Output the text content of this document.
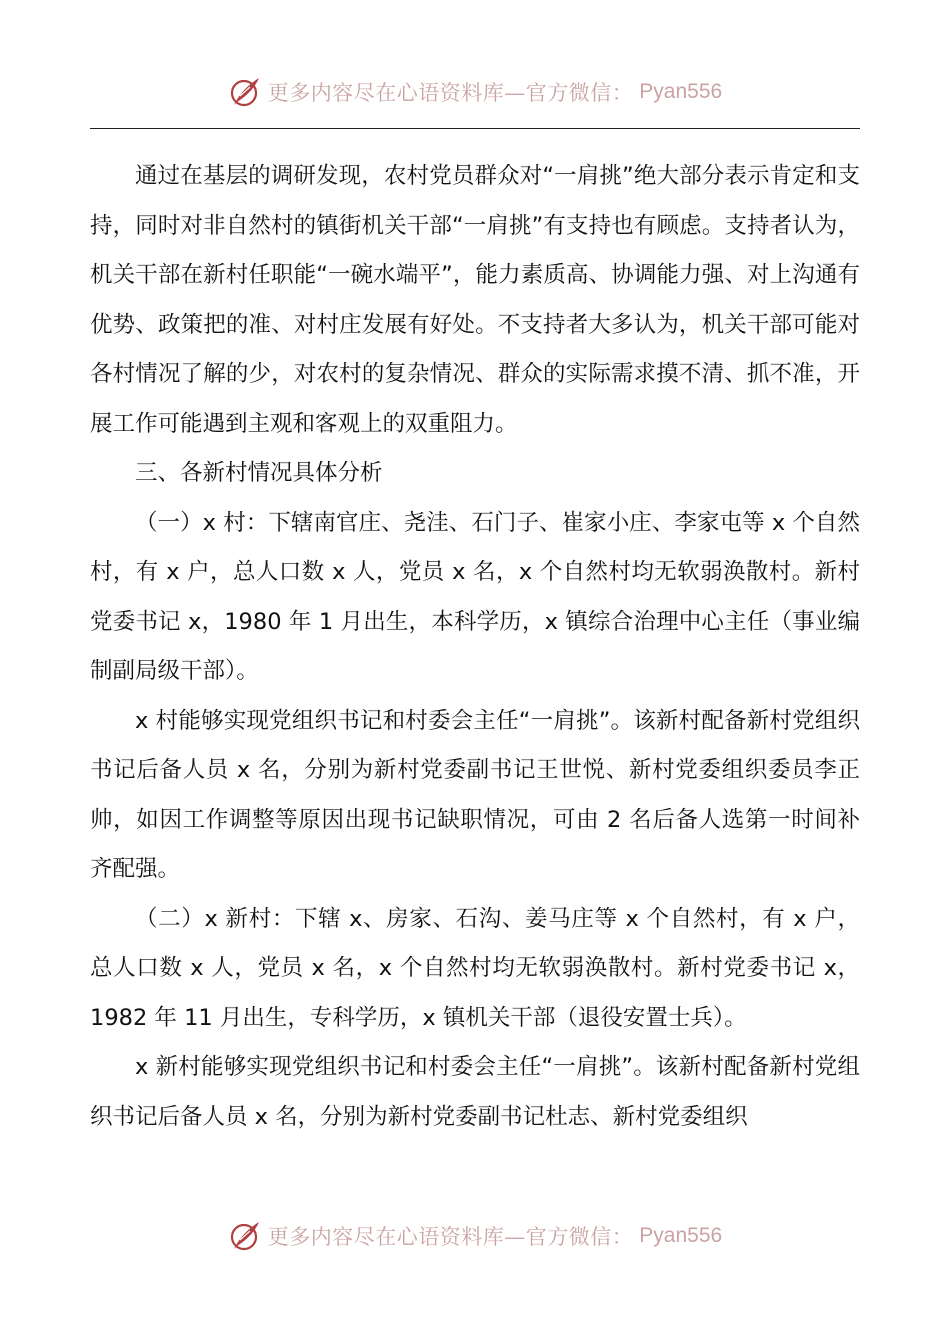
更多内容尽在心语资料库—官方微信： Pyan556

通过在基层的调研发现，农村党员群众对“一肩挑”绝大部分表示肯定和支持，同时对非自然村的镇街机关干部“一肩挑”有支持也有顾虑。支持者认为，机关干部在新村任职能“一碗水端平”，能力素质高、协调能力强、对上沟通有优势、政策把的准、对村庄发展有好处。不支持者大多认为，机关干部可能对各村情况了解的少，对农村的复杂情况、群众的实际需求摸不清、抓不准，开展工作可能遇到主观和客观上的双重阻力。

三、各新村情况具体分析

（一）x 村：下辖南官庄、尧洼、石门子、崔家小庄、李家屯等 x 个自然村，有 x 户，总人口数 x 人，党员 x 名，x 个自然村均无软弱涣散村。新村党委书记 x，1980 年 1 月出生，本科学历，x 镇综合治理中心主任（事业编制副局级干部）。

x 村能够实现党组织书记和村委会主任“一肩挑”。该新村配备新村党组织书记后备人员 x 名，分别为新村党委副书记王世悦、新村党委组织委员李正帅，如因工作调整等原因出现书记缺职情况，可由 2 名后备人选第一时间补齐配强。

（二）x 新村：下辖 x、房家、石沟、姜马庄等 x 个自然村，有 x 户，总人口数 x 人，党员 x 名，x 个自然村均无软弱涣散村。新村党委书记 x，1982 年 11 月出生，专科学历，x 镇机关干部（退役安置士兵）。

x 新村能够实现党组织书记和村委会主任“一肩挑”。该新村配备新村党组织书记后备人员 x 名，分别为新村党委副书记杜志、新村党委组织

更多内容尽在心语资料库—官方微信： Pyan556
